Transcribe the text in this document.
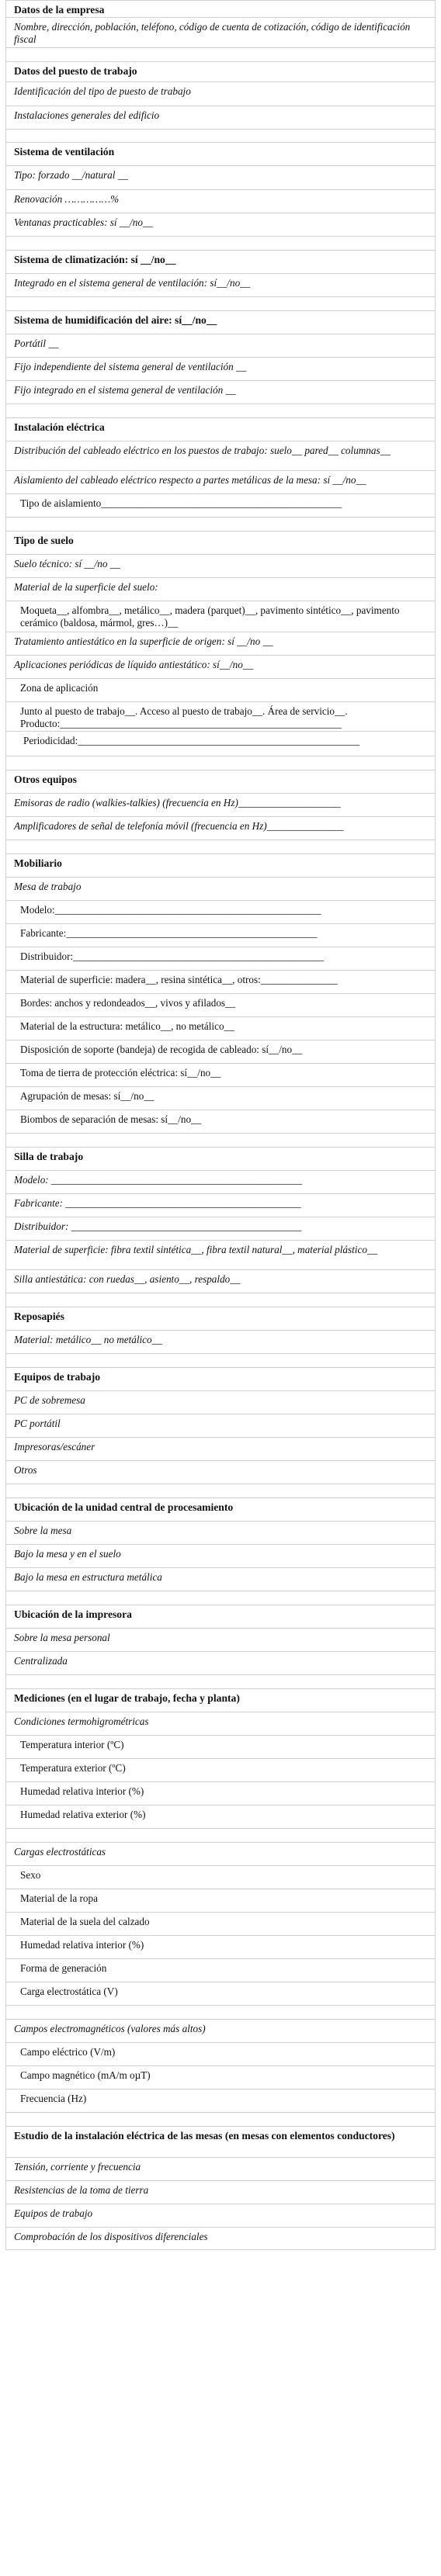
Datos de la empresa
Nombre, dirección, población, teléfono, código de cuenta de cotización, código de identificación fiscal
Datos del puesto de trabajo
Identificación del tipo de puesto de trabajo
Instalaciones generales del edificio
Sistema de ventilación
Tipo: forzado __/natural __
Renovación ……………%
Ventanas practicables: sí __/no__
Sistema de climatización: sí __/no__
Integrado en el sistema general de ventilación: sí__/no__
Sistema de humidificación del aire: sí__/no__
Portátil __
Fijo independiente del sistema general de ventilación __
Fijo integrado en el sistema general de ventilación __
Instalación eléctrica
Distribución del cableado eléctrico en los puestos de trabajo: suelo__ pared__ columnas__
Aislamiento del cableado eléctrico respecto a partes metálicas de la mesa: sí __/no__
Tipo de aislamiento_______________________________________________
Tipo de suelo
Suelo técnico: sí __/no __
Material de la superficie del suelo:
Moqueta__, alfombra__, metálico__, madera (parquet)__, pavimento sintético__, pavimento cerámico (baldosa, mármol, gres…)__
Tratamiento antiestático en la superficie de origen: sí __/no __
Aplicaciones periódicas de líquido antiestático: sí__/no__
Zona de aplicación
Junto al puesto de trabajo__. Acceso al puesto de trabajo__. Área de servicio__. Producto:_______________________________________________________
Periodicidad:_______________________________________________________
Otros equipos
Emisoras de radio (walkies-talkies) (frecuencia en Hz)____________________
Amplificadores de señal de telefonía móvil (frecuencia en Hz)_______________
Mobiliario
Mesa de trabajo
Modelo:____________________________________________________
Fabricante:_________________________________________________
Distribuidor:_________________________________________________
Material de superficie: madera__, resina sintética__, otros:_______________
Bordes: anchos y redondeados__, vivos y afilados__
Material de la estructura: metálico__, no metálico__
Disposición de soporte (bandeja) de recogida de cableado: sí__/no__
Toma de tierra de protección eléctrica: sí__/no__
Agrupación de mesas: sí__/no__
Biombos de separación de mesas: sí__/no__
Silla de trabajo
Modelo: _________________________________________________
Fabricante: ______________________________________________
Distribuidor: _____________________________________________
Material de superficie: fibra textil sintética__, fibra textil natural__, material plástico__
Silla antiestática: con ruedas__, asiento__, respaldo__
Reposapiés
Material: metálico__ no metálico__
Equipos de trabajo
PC de sobremesa
PC portátil
Impresoras/escáner
Otros
Ubicación de la unidad central de procesamiento
Sobre la mesa
Bajo la mesa y en el suelo
Bajo la mesa en estructura metálica
Ubicación de la impresora
Sobre la mesa personal
Centralizada
Mediciones (en el lugar de trabajo, fecha y planta)
Condiciones termohigrométricas
Temperatura interior (ºC)
Temperatura exterior (ºC)
Humedad relativa interior (%)
Humedad relativa exterior (%)
Cargas electrostáticas
Sexo
Material de la ropa
Material de la suela del calzado
Humedad relativa interior (%)
Forma de generación
Carga electrostática (V)
Campos electromagnéticos (valores más altos)
Campo eléctrico (V/m)
Campo magnético (mA/m oµT)
Frecuencia (Hz)
Estudio de la instalación eléctrica de las mesas (en mesas con elementos conductores)
Tensión, corriente y frecuencia
Resistencias de la toma de tierra
Equipos de trabajo
Comprobación de los dispositivos diferenciales
